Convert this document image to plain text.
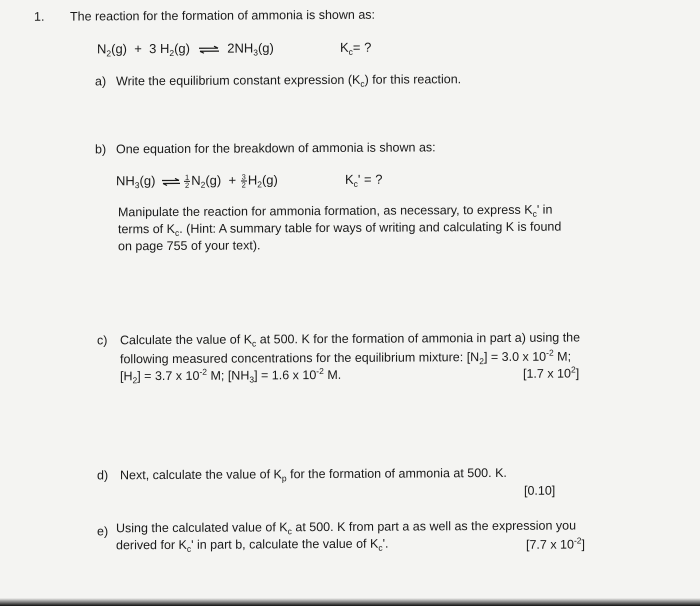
1. The reaction for the formation of ammonia is shown as:
$N_2(g) + 3$ $H_2(g)$ ⇌ $2NH_3(g)$	$K_c=$ ?
a) Write the equilibrium constant expression $(K_c)$ for this reaction.
b) One equation for the breakdown of ammonia is shown as:
$NH_3(g)$ ⇌ $\frac{1}{2} N_2(g) + \frac{3}{2} H_2(g)$	$K_c'$ = ?
Manipulate the reaction for ammonia formation, as necessary, to express $K_c'$ in
terms of $K_c$. (Hint: A summary table for ways of writing and calculating K is found
on page 755 of your text).
c) Calculate the value of $K_c$ at 500. K for the formation of ammonia in part a) using the
following measured concentrations for the equilibrium mixture: $[N_2] = 3.0$ x $10^{-2}$ M;
$[H_2] = 3.7$ x $10^{-2}$ M; $[NH_3] = 1.6$ x $10^{-2}$ M.	[1.7 x $10^2$]
d) Next, calculate the value of $K_p$ for the formation of ammonia at 500. K.
[0.10]
e) Using the calculated value of $K_c$ at 500. K from part a as well as the expression you
derived for $K_c'$ in part b, calculate the value of $K_c'$.	[7.7 x $10^{-2}$]
